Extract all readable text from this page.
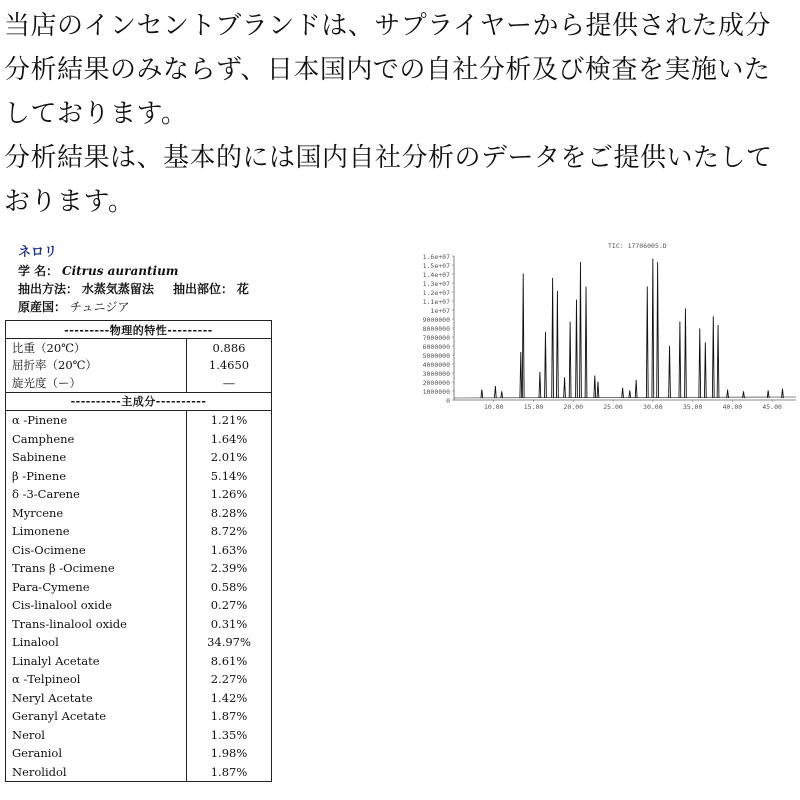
当店のインセントブランドは、サプライヤーから提供された成分分析結果のみならず、日本国内での自社分析及び検査を実施いたしております。

分析結果は、基本的には国内自社分析のデータをご提供いたしております。

ネロリ
学 名： Citrus aurantium
抽出方法： 水蒸気蒸留法 抽出部位： 花
原産国： チュニジア
---------物理的特性---------	
比重（20℃）	0.886
屈折率（20℃）	1.4650
旋光度（ー）	―
----------主成分----------	
α -Pinene	1.21%
Camphene	1.64%
Sabinene	2.01%
β -Pinene	5.14%
δ -3-Carene	1.26%
Myrcene	8.28%
Limonene	8.72%
Cis-Ocimene	1.63%
Trans β -Ocimene	2.39%
Para-Cymene	0.58%
Cis-linalool oxide	0.27%
Trans-linalool oxide	0.31%
Linalool	34.97%
Linalyl Acetate	8.61%
α -Telpineol	2.27%
Neryl Acetate	1.42%
Geranyl Acetate	1.87%
Nerol	1.35%
Geraniol	1.98%
Nerolidol	1.87%
1.6e+07
1.5e+07
1.4e+07
1.3e+07
1.2e+07
1.1e+07
1e+07
9000000
8000000
7000000
6000000
5000000
4000000
3000000
2000000
1000000
0
10.00	15.00	20.00	25.00	30.00	35.00	40.00	45.00
TIC: 17706005.D
